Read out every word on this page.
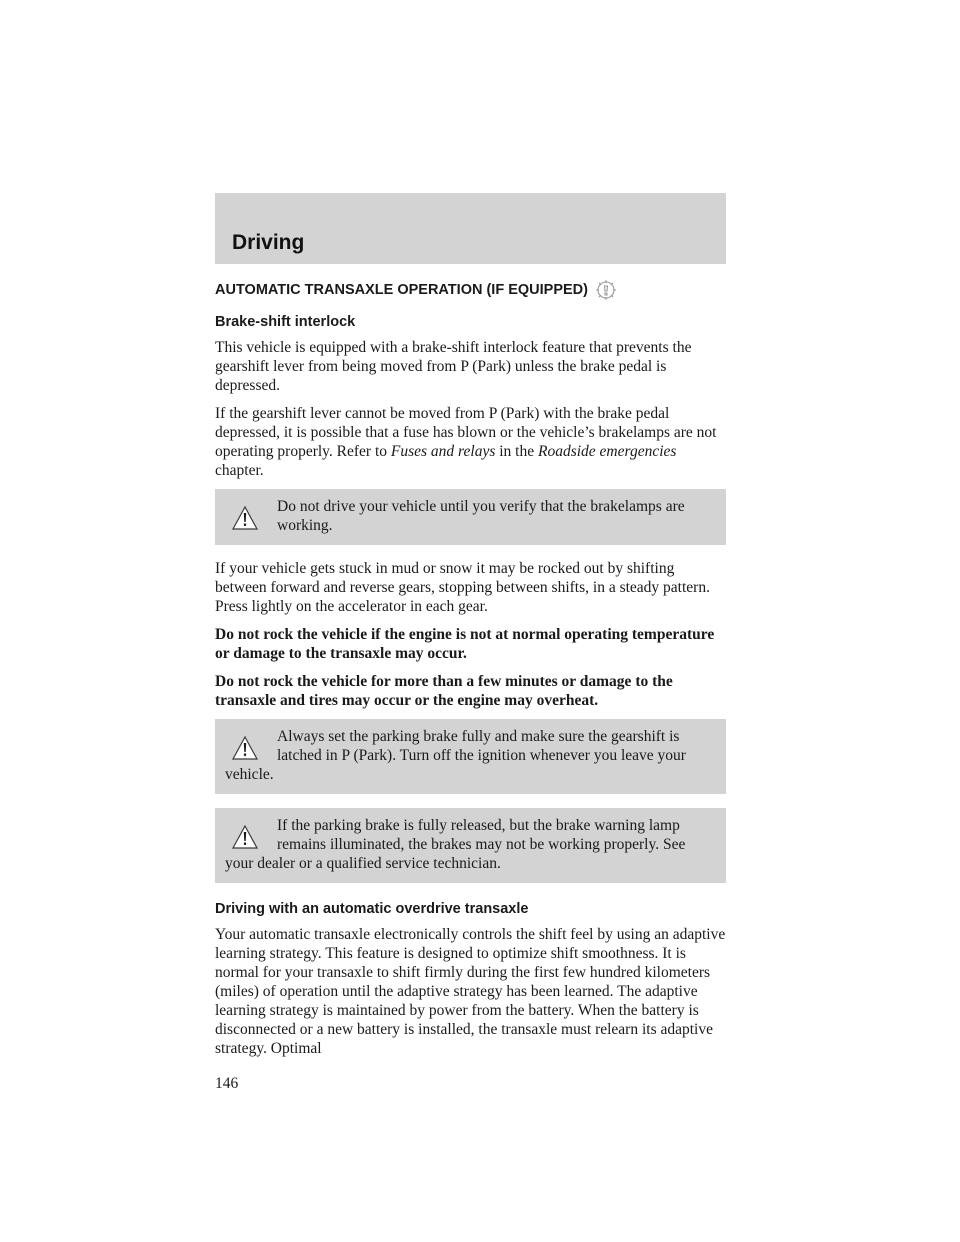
Driving
AUTOMATIC TRANSAXLE OPERATION (IF EQUIPPED)
Brake-shift interlock

This vehicle is equipped with a brake-shift interlock feature that prevents the gearshift lever from being moved from P (Park) unless the brake pedal is depressed.

If the gearshift lever cannot be moved from P (Park) with the brake pedal depressed, it is possible that a fuse has blown or the vehicle’s brakelamps are not operating properly. Refer to Fuses and relays in the Roadside emergencies chapter.

Do not drive your vehicle until you verify that the brakelamps are working.

If your vehicle gets stuck in mud or snow it may be rocked out by shifting between forward and reverse gears, stopping between shifts, in a steady pattern. Press lightly on the accelerator in each gear.

Do not rock the vehicle if the engine is not at normal operating temperature or damage to the transaxle may occur.

Do not rock the vehicle for more than a few minutes or damage to the transaxle and tires may occur or the engine may overheat.

Always set the parking brake fully and make sure the gearshift is latched in P (Park). Turn off the ignition whenever you leave your vehicle.
If the parking brake is fully released, but the brake warning lamp remains illuminated, the brakes may not be working properly. See your dealer or a qualified service technician.
Driving with an automatic overdrive transaxle

Your automatic transaxle electronically controls the shift feel by using an adaptive learning strategy. This feature is designed to optimize shift smoothness. It is normal for your transaxle to shift firmly during the first few hundred kilometers (miles) of operation until the adaptive strategy has been learned. The adaptive learning strategy is maintained by power from the battery. When the battery is disconnected or a new battery is installed, the transaxle must relearn its adaptive strategy. Optimal

146
